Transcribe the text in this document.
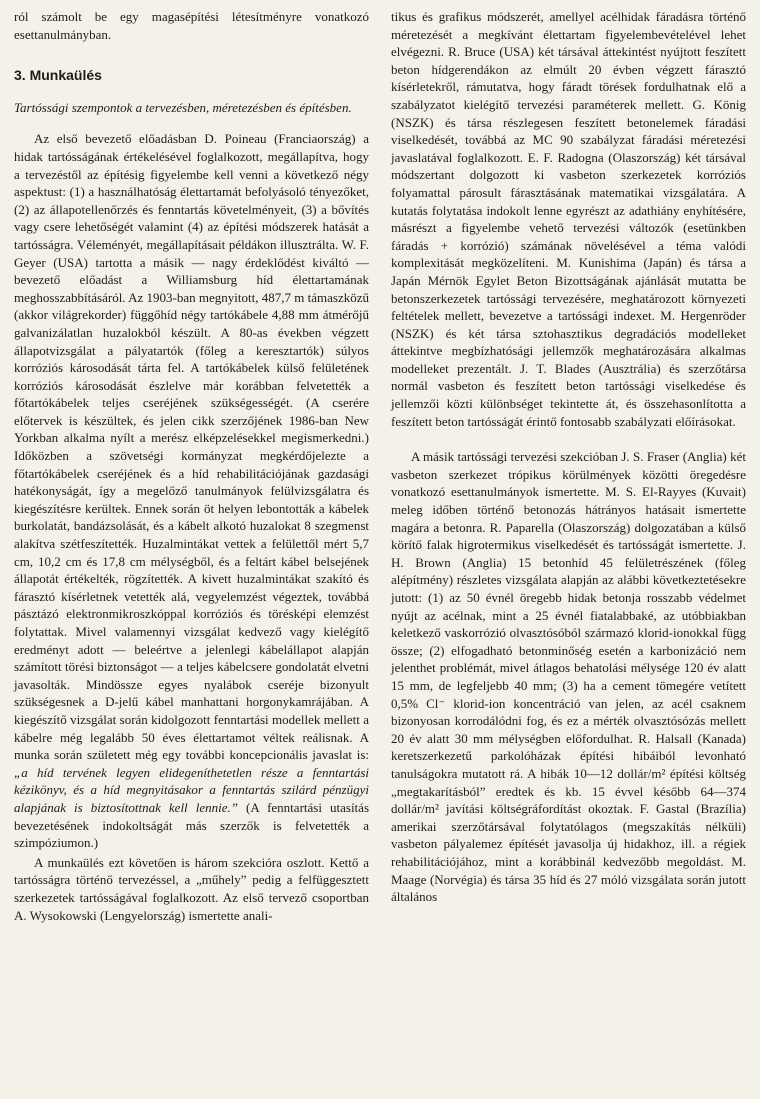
ról számolt be egy magasépítési létesítményre vonatkozó esettanulmányban.

3. Munkaülés

Tartóssági szempontok a tervezésben, méretezésben és építésben.

Az első bevezető előadásban D. Poineau (Franciaország) a hidak tartósságának értékelésével foglalkozott, megállapítva, hogy a tervezéstől az építésig figyelembe kell venni a következő négy aspektust: (1) a használhatóság élettartamát befolyásoló tényezőket, (2) az állapotellenőrzés és fenntartás követelményeit, (3) a bővítés vagy csere lehetőségét valamint (4) az építési módszerek hatását a tartósságra. Véleményét, megállapításait példákon illusztrálta. W. F. Geyer (USA) tartotta a másik — nagy érdeklődést kiváltó — bevezető előadást a Williamsburg híd élettartamának meghosszabbításáról. Az 1903-ban megnyitott, 487,7 m támaszközű (akkor világrekorder) függőhíd négy tartókábele 4,88 mm átmérőjű galvanizálatlan huzalokból készült. A 80-as években végzett állapotvizsgálat a pályatartók (főleg a keresztartók) súlyos korróziós károsodását tárta fel. A tartókábelek külső felületének korróziós károsodását észlelve már korábban felvetették a főtartókábelek teljes cseréjének szükségességét. (A cserére előtervek is készültek, és jelen cikk szerzőjének 1986-ban New Yorkban alkalma nyílt a merész elképzelésekkel megismerkedni.) Időközben a szövetségi kormányzat megkérdőjelezte a főtartókábelek cseréjének és a híd rehabilitációjának gazdasági hatékonyságát, így a megelőző tanulmányok felülvizsgálatra és kiegészítésre kerültek. Ennek során öt helyen lebontották a kábelek burkolatát, bandázsolását, és a kábelt alkotó huzalokat 8 szegmenst alakítva szétfeszítették. Huzalmintákat vettek a felülettől mért 5,7 cm, 10,2 cm és 17,8 cm mélységből, és a feltárt kábel belsejének állapotát értékelték, rögzítették. A kivett huzalmintákat szakító és fárasztó kísérletnek vetették alá, vegyelemzést végeztek, továbbá pásztázó elektronmikroszkóppal korróziós és törésképi elemzést folytattak. Mivel valamennyi vizsgálat kedvező vagy kielégítő eredményt adott — beleértve a jelenlegi kábelállapot alapján számított törési biztonságot — a teljes kábelcsere gondolatát elvetni javasolták. Mindössze egyes nyalábok cseréje bizonyult szükségesnek a D-jelű kábel manhattani horgonykamrájában. A kiegészítő vizsgálat során kidolgozott fenntartási modellek mellett a kábelre még legalább 50 éves élettartamot véltek reálisnak. A munka során született még egy további koncepcionális javaslat is: „a híd tervének legyen elidegeníthetetlen része a fenntartási kézikönyv, és a híd megnyitásakor a fenntartás szilárd pénzügyi alapjának is biztosítottnak kell lennie.” (A fenntartási utasítás bevezetésének indokoltságát más szerzők is felvetették a szimpóziumon.)

A munkaülés ezt követően is három szekcióra oszlott. Kettő a tartósságra történő tervezéssel, a „műhely” pedig a felfüggesztett szerkezetek tartósságával foglalkozott. Az első tervező csoportban A. Wysokowski (Lengyelország) ismertette anali-

tikus és grafikus módszerét, amellyel acélhidak fáradásra történő méretezését a megkívánt élettartam figyelembevételével lehet elvégezni. R. Bruce (USA) két társával áttekintést nyújtott feszített beton hídgerendákon az elmúlt 20 évben végzett fárasztó kísérletekről, rámutatva, hogy fáradt törések fordulhatnak elő a szabályzatot kielégítő tervezési paraméterek mellett. G. König (NSZK) és társa részlegesen feszített betonelemek fáradási viselkedését, továbbá az MC 90 szabályzat fáradási méretezési javaslatával foglalkozott. E. F. Radogna (Olaszország) két társával módszertant dolgozott ki vasbeton szerkezetek korróziós folyamattal párosult fárasztásának matematikai vizsgálatára. A kutatás folytatása indokolt lenne egyrészt az adathiány enyhítésére, másrészt a figyelembe vehető tervezési változók (esetünkben fáradás + korrózió) számának növelésével a téma valódi komplexitását megközelíteni. M. Kunishima (Japán) és társa a Japán Mérnök Egylet Beton Bizottságának ajánlását mutatta be betonszerkezetek tartóssági tervezésére, meghatározott környezeti feltételek mellett, bevezetve a tartóssági indexet. M. Hergenröder (NSZK) és két társa sztohasztikus degradációs modelleket áttekintve megbízhatósági jellemzők meghatározására alkalmas modelleket prezentált. J. T. Blades (Ausztrália) és szerzőtársa normál vasbeton és feszített beton tartóssági viselkedése és jellemzői közti különbséget tekintette át, és összehasonlította a feszített beton tartósságát érintő fontosabb szabályzati előírásokat.

A másik tartóssági tervezési szekcióban J. S. Fraser (Anglia) két vasbeton szerkezet trópikus körülmények közötti öregedésre vonatkozó esettanulmányok ismertette. M. S. El-Rayyes (Kuvait) meleg időben történő betonozás hátrányos hatásait ismertette magára a betonra. R. Paparella (Olaszország) dolgozatában a külső körítő falak higrotermikus viselkedését és tartósságát ismertette. J. H. Brown (Anglia) 15 betonhíd 45 felületrészének (főleg alépítmény) részletes vizsgálata alapján az alábbi következtetésekre jutott: (1) az 50 évnél öregebb hidak betonja rosszabb védelmet nyújt az acélnak, mint a 25 évnél fiatalabbaké, az utóbbiakban keletkező vaskorrózió olvasztósóból származó klorid-ionokkal függ össze; (2) elfogadható betonminőség esetén a karbonizáció nem jelenthet problémát, mivel átlagos behatolási mélysége 120 év alatt 15 mm, de legfeljebb 40 mm; (3) ha a cement tömegére vetített 0,5% Cl⁻ klorid-ion koncentráció van jelen, az acél csaknem bizonyosan korrodálódni fog, és ez a mérték olvasztósózás mellett 20 év alatt 30 mm mélységben előfordulhat. R. Halsall (Kanada) keretszerkezetű parkolóházak építési hibáiból levonható tanulságokra mutatott rá. A hibák 10—12 dollár/m² építési költség „megtakarításból” eredtek és kb. 15 évvel később 64—374 dollár/m² javítási költségráfordítást okoztak. F. Gastal (Brazília) amerikai szerzőtársával folytatólagos (megszakítás nélküli) vasbeton pályalemez építését javasolja új hidakhoz, ill. a régiek rehabilitációjához, mint a korábbinál kedvezőbb megoldást. M. Maage (Norvégia) és társa 35 híd és 27 móló vizsgálata során jutott általános
